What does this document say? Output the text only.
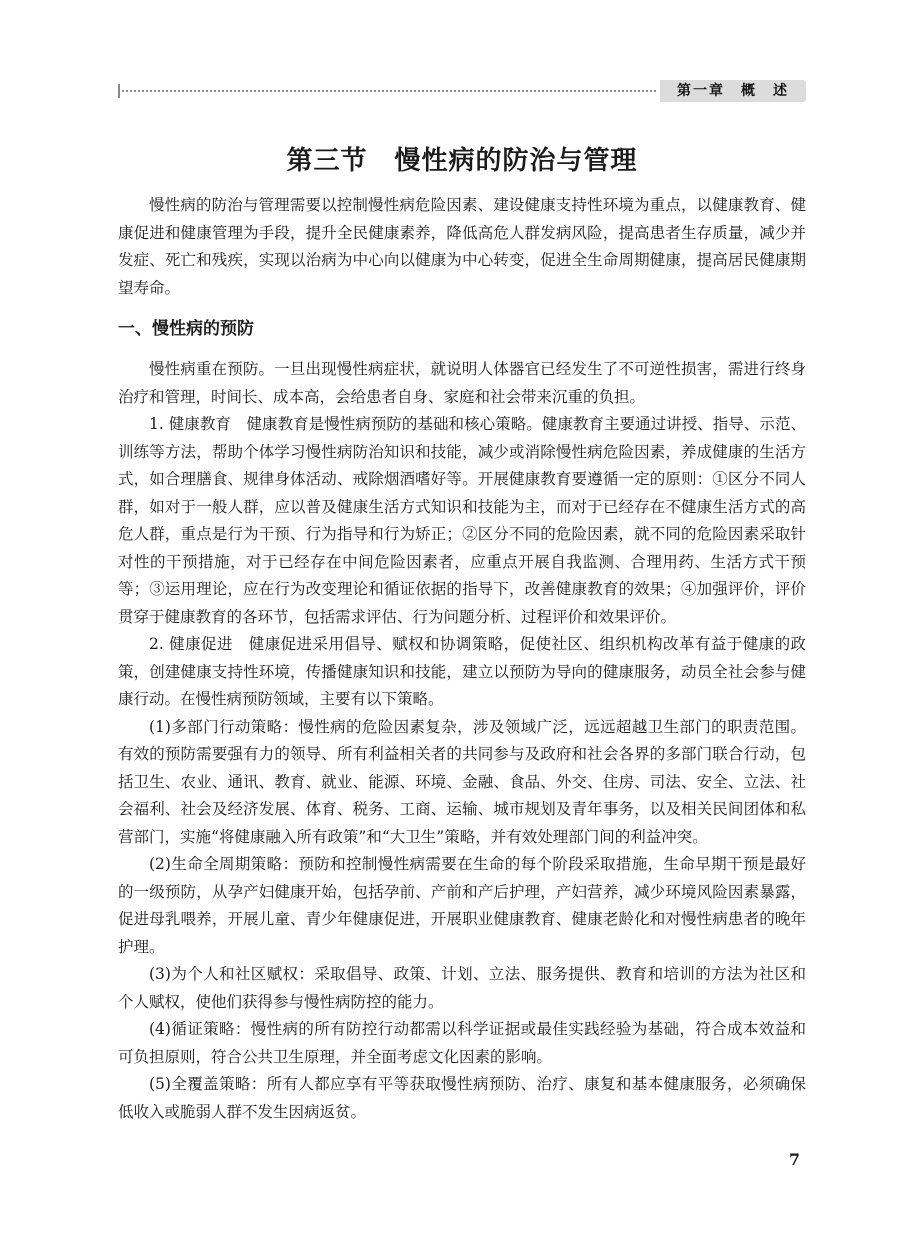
第一章　概　述
第三节　慢性病的防治与管理

慢性病的防治与管理需要以控制慢性病危险因素、建设健康支持性环境为重点，以健康教育、健康促进和健康管理为手段，提升全民健康素养，降低高危人群发病风险，提高患者生存质量，减少并发症、死亡和残疾，实现以治病为中心向以健康为中心转变，促进全生命周期健康，提高居民健康期望寿命。

一、慢性病的预防

慢性病重在预防。一旦出现慢性病症状，就说明人体器官已经发生了不可逆性损害，需进行终身治疗和管理，时间长、成本高，会给患者自身、家庭和社会带来沉重的负担。

1. 健康教育　健康教育是慢性病预防的基础和核心策略。健康教育主要通过讲授、指导、示范、训练等方法，帮助个体学习慢性病防治知识和技能，减少或消除慢性病危险因素，养成健康的生活方式，如合理膳食、规律身体活动、戒除烟酒嗜好等。开展健康教育要遵循一定的原则：①区分不同人群，如对于一般人群，应以普及健康生活方式知识和技能为主，而对于已经存在不健康生活方式的高危人群，重点是行为干预、行为指导和行为矫正；②区分不同的危险因素，就不同的危险因素采取针对性的干预措施，对于已经存在中间危险因素者，应重点开展自我监测、合理用药、生活方式干预等；③运用理论，应在行为改变理论和循证依据的指导下，改善健康教育的效果；④加强评价，评价贯穿于健康教育的各环节，包括需求评估、行为问题分析、过程评价和效果评价。

2. 健康促进　健康促进采用倡导、赋权和协调策略，促使社区、组织机构改革有益于健康的政策，创建健康支持性环境，传播健康知识和技能，建立以预防为导向的健康服务，动员全社会参与健康行动。在慢性病预防领域，主要有以下策略。

(1)多部门行动策略：慢性病的危险因素复杂，涉及领域广泛，远远超越卫生部门的职责范围。有效的预防需要强有力的领导、所有利益相关者的共同参与及政府和社会各界的多部门联合行动，包括卫生、农业、通讯、教育、就业、能源、环境、金融、食品、外交、住房、司法、安全、立法、社会福利、社会及经济发展、体育、税务、工商、运输、城市规划及青年事务，以及相关民间团体和私营部门，实施“将健康融入所有政策”和“大卫生”策略，并有效处理部门间的利益冲突。

(2)生命全周期策略：预防和控制慢性病需要在生命的每个阶段采取措施，生命早期干预是最好的一级预防，从孕产妇健康开始，包括孕前、产前和产后护理，产妇营养，减少环境风险因素暴露，促进母乳喂养，开展儿童、青少年健康促进，开展职业健康教育、健康老龄化和对慢性病患者的晚年护理。

(3)为个人和社区赋权：采取倡导、政策、计划、立法、服务提供、教育和培训的方法为社区和个人赋权，使他们获得参与慢性病防控的能力。

(4)循证策略：慢性病的所有防控行动都需以科学证据或最佳实践经验为基础，符合成本效益和可负担原则，符合公共卫生原理，并全面考虑文化因素的影响。

(5)全覆盖策略：所有人都应享有平等获取慢性病预防、治疗、康复和基本健康服务，必须确保低收入或脆弱人群不发生因病返贫。

7
